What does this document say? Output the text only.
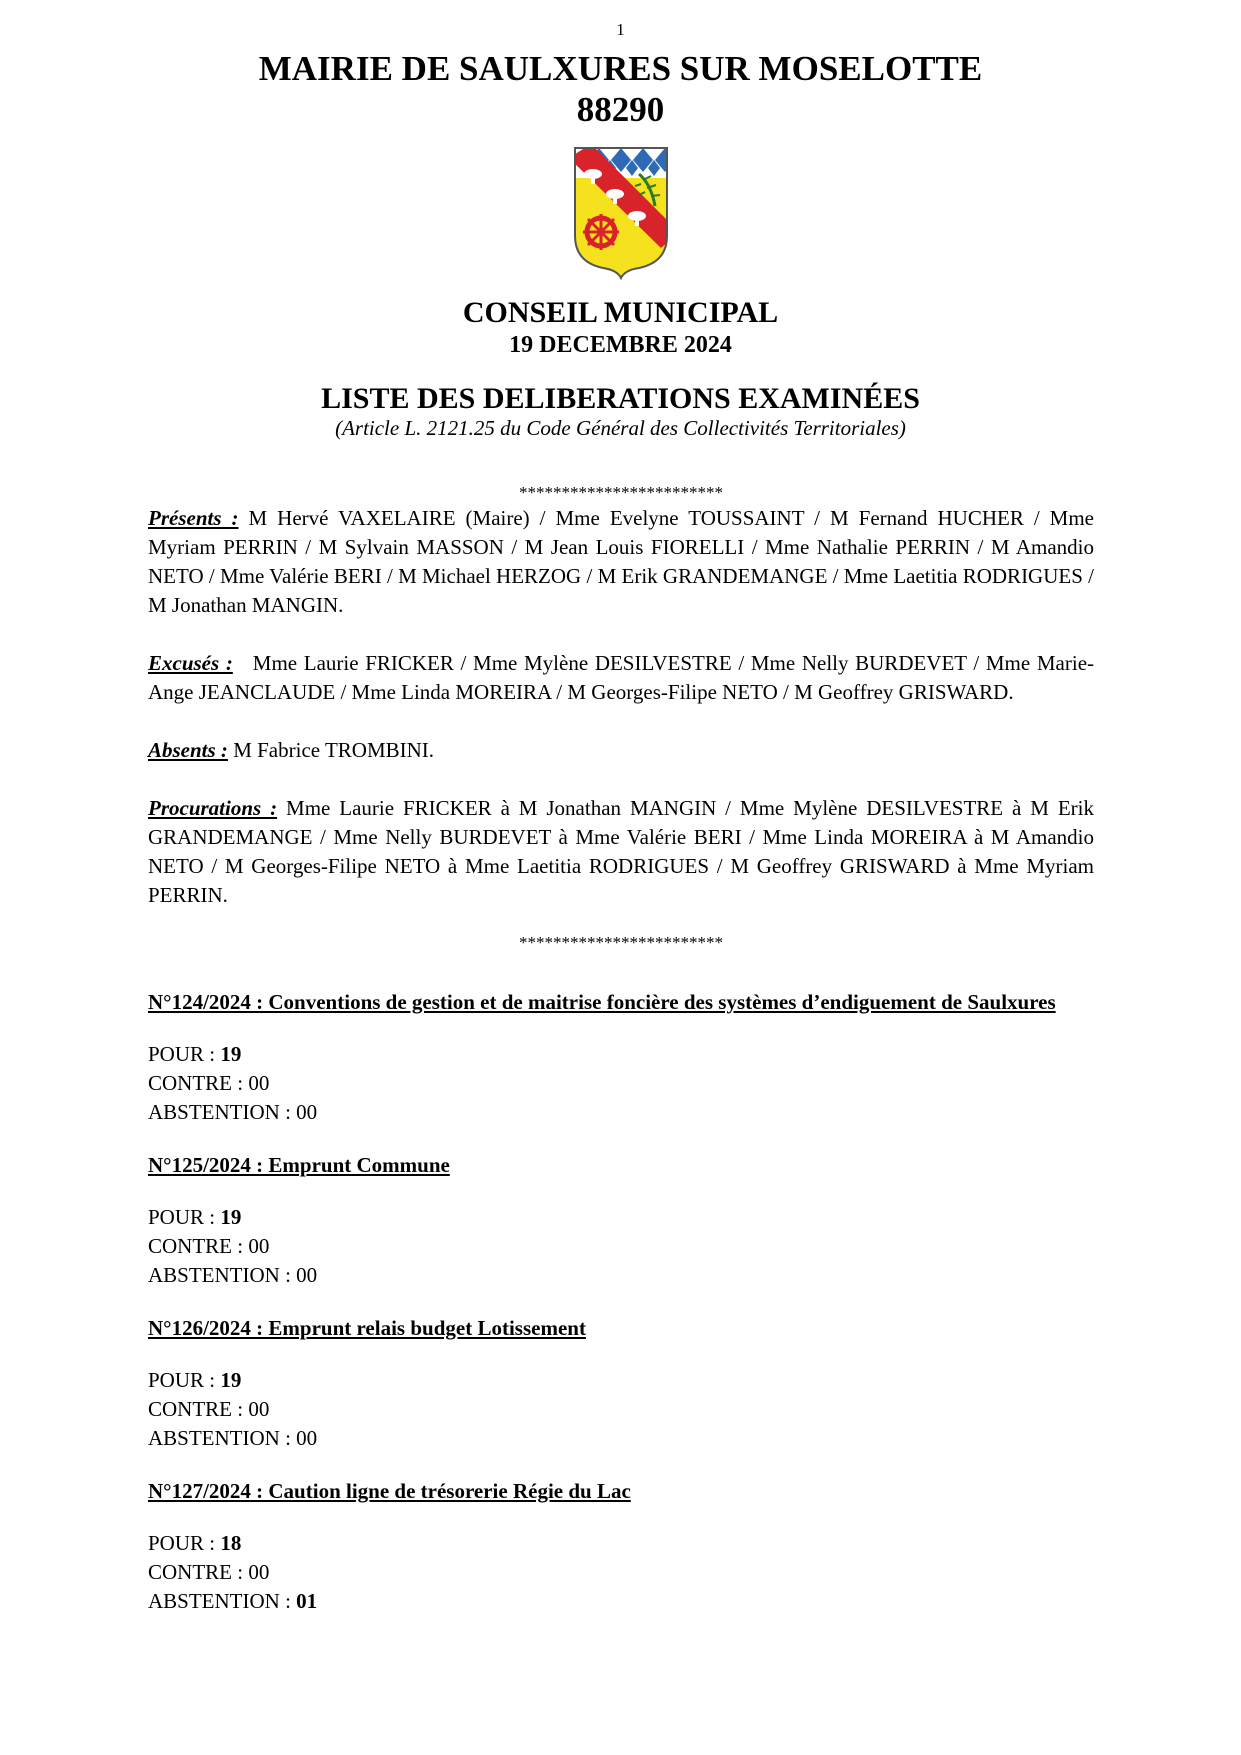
1
MAIRIE DE SAULXURES SUR MOSELOTTE
88290
CONSEIL MUNICIPAL
19 DECEMBRE 2024
LISTE DES DELIBERATIONS EXAMINÉES
(Article L. 2121.25 du Code Général des Collectivités Territoriales)
************************

Présents : M Hervé VAXELAIRE (Maire) / Mme Evelyne TOUSSAINT / M Fernand HUCHER / Mme Myriam PERRIN / M Sylvain MASSON / M Jean Louis FIORELLI / Mme Nathalie PERRIN / M Amandio NETO / Mme Valérie BERI / M Michael HERZOG / M Erik GRANDEMANGE / Mme Laetitia RODRIGUES / M Jonathan MANGIN.

Excusés :   Mme Laurie FRICKER / Mme Mylène DESILVESTRE / Mme Nelly BURDEVET / Mme Marie-Ange JEANCLAUDE / Mme Linda MOREIRA / M Georges-Filipe NETO / M Geoffrey GRISWARD.

Absents : M Fabrice TROMBINI.

Procurations : Mme Laurie FRICKER à M Jonathan MANGIN / Mme Mylène DESILVESTRE à M Erik GRANDEMANGE / Mme Nelly BURDEVET à Mme Valérie BERI / Mme Linda MOREIRA à M Amandio NETO / M Georges-Filipe NETO à Mme Laetitia RODRIGUES / M Geoffrey GRISWARD à Mme Myriam PERRIN.

************************

N°124/2024 : Conventions de gestion et de maitrise foncière des systèmes d’endiguement de Saulxures

POUR : 19

CONTRE : 00

ABSTENTION : 00

N°125/2024 : Emprunt Commune

POUR : 19

CONTRE : 00

ABSTENTION : 00

N°126/2024 : Emprunt relais budget Lotissement

POUR : 19

CONTRE : 00

ABSTENTION : 00

N°127/2024 : Caution ligne de trésorerie Régie du Lac

POUR : 18

CONTRE : 00

ABSTENTION : 01
